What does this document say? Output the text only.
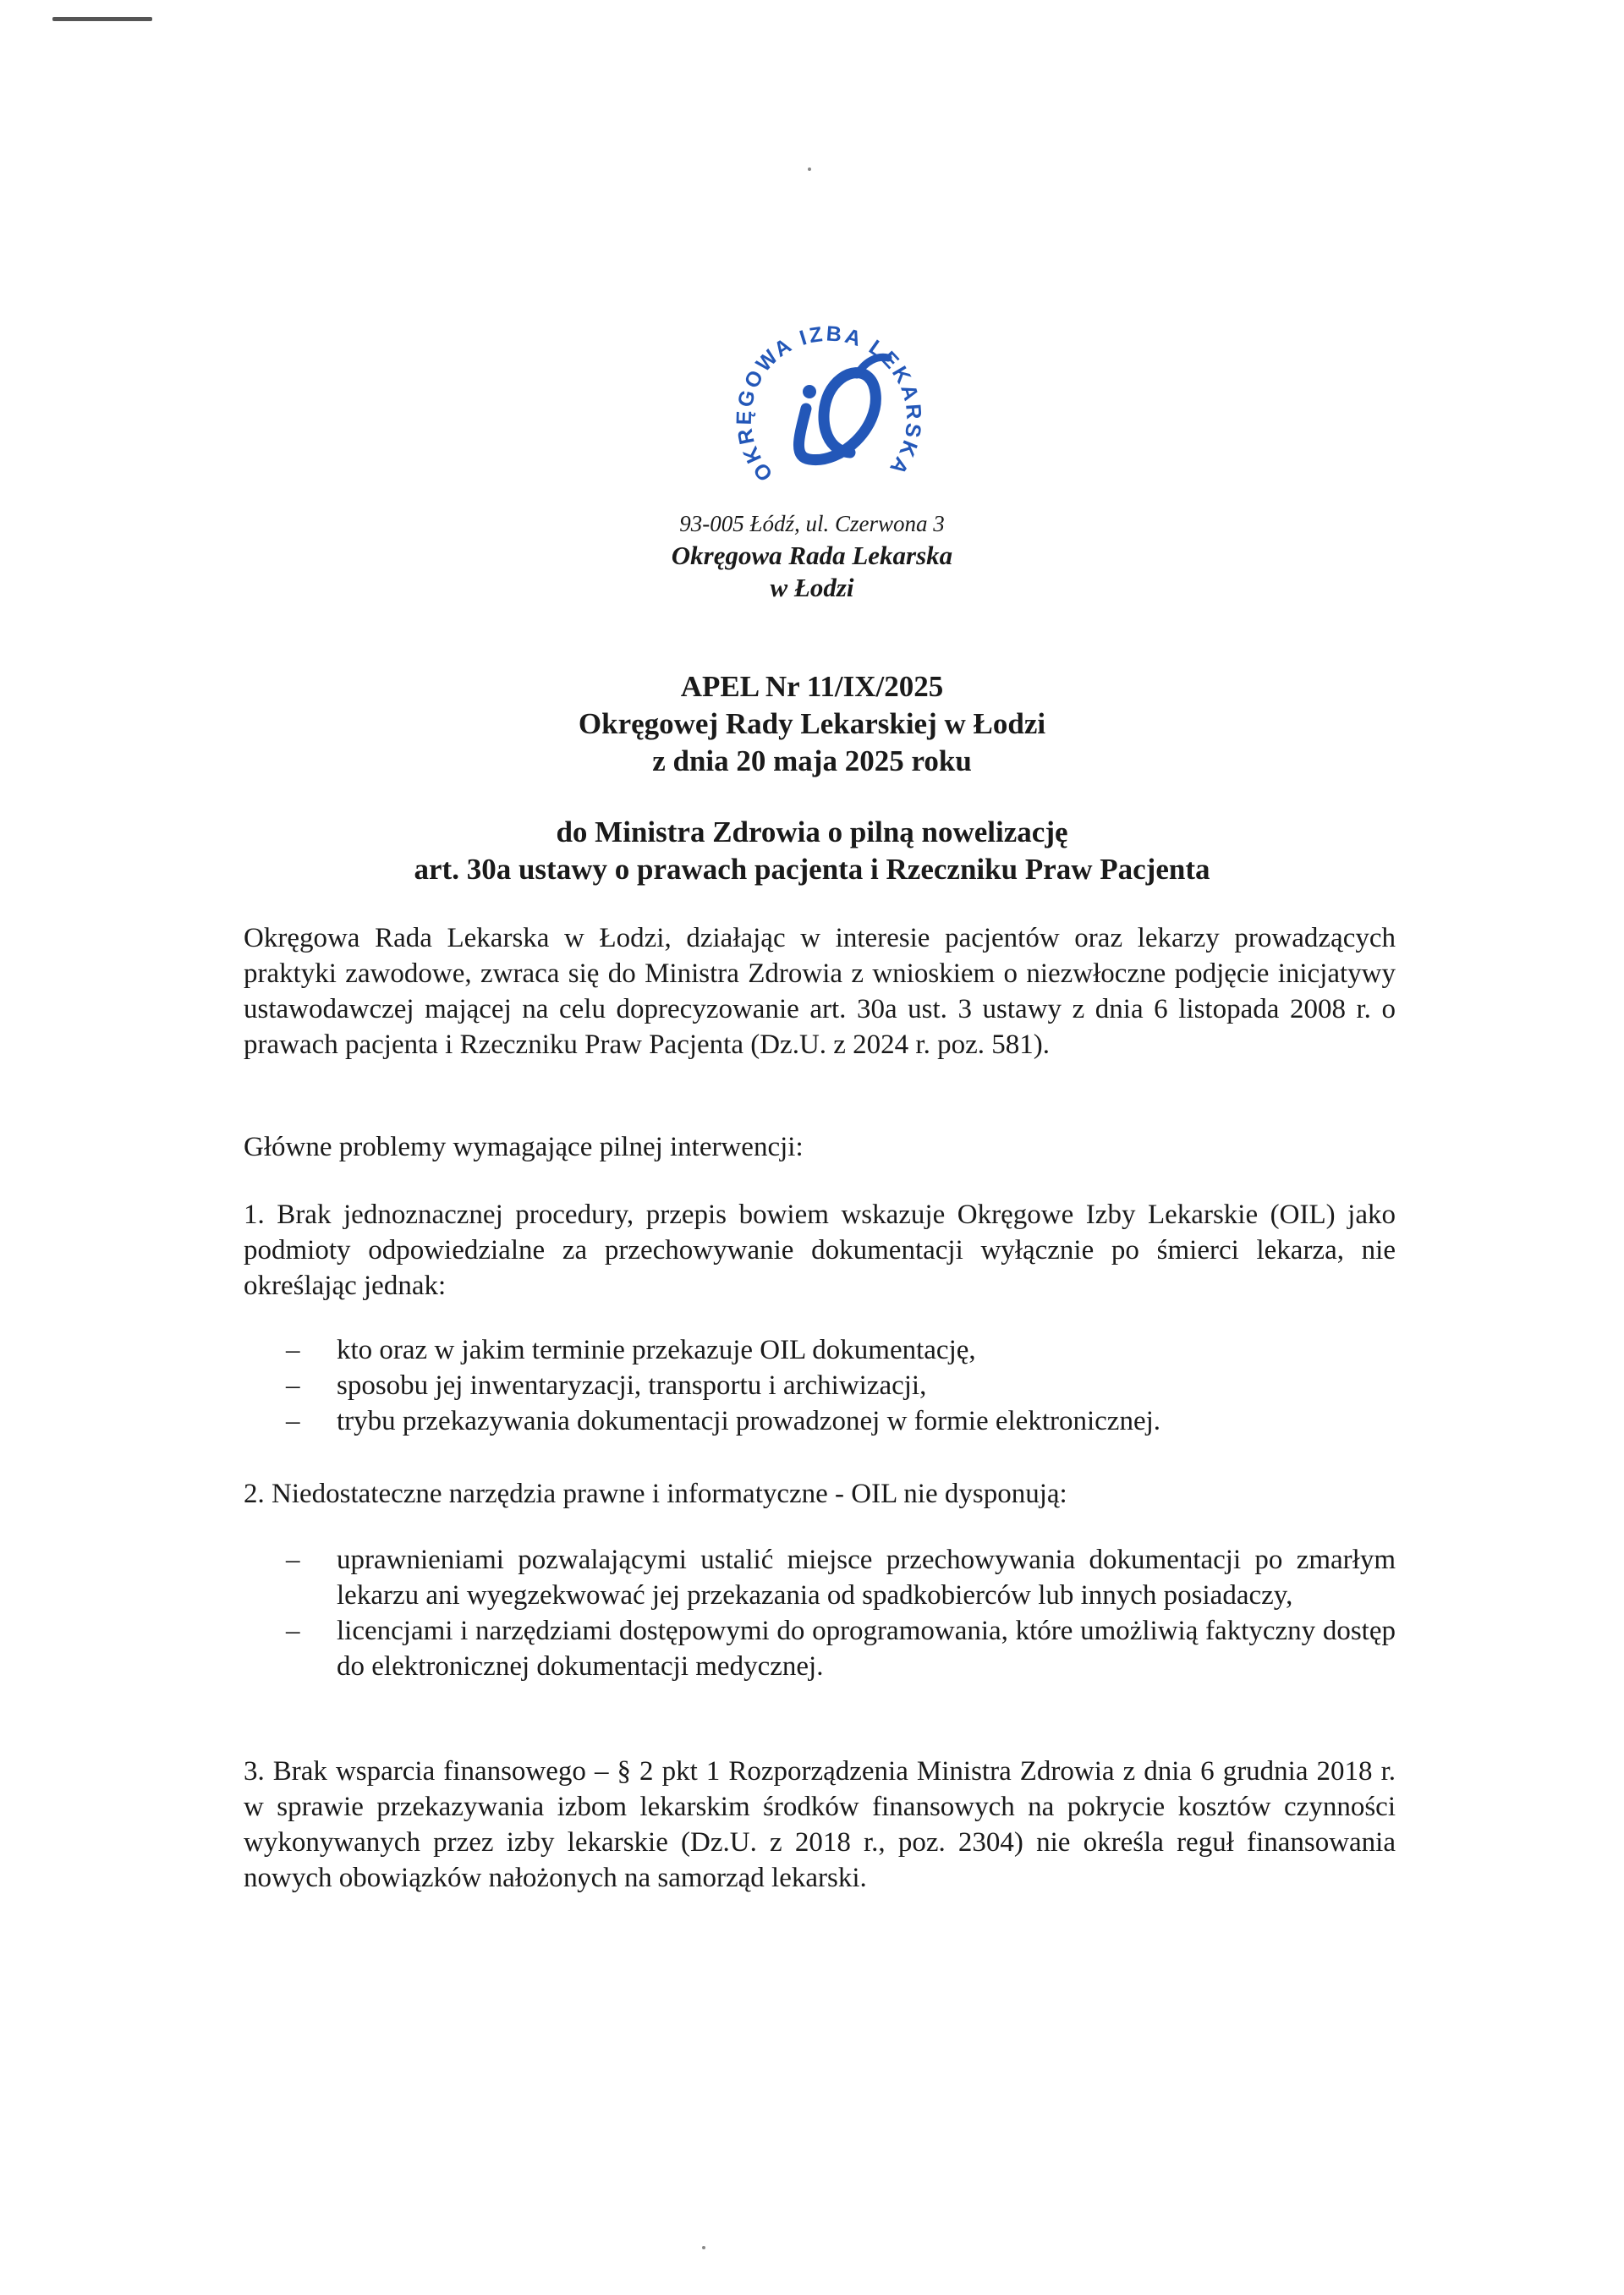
OKRĘGOWA IZBA LEKARSKA
93-005 Łódź, ul. Czerwona 3
Okręgowa Rada Lekarska
w Łodzi
APEL Nr 11/IX/2025
Okręgowej Rady Lekarskiej w Łodzi
z dnia 20 maja 2025 roku
do Ministra Zdrowia o pilną nowelizację
art. 30a ustawy o prawach pacjenta i Rzeczniku Praw Pacjenta

Okręgowa Rada Lekarska w Łodzi, działając w interesie pacjentów oraz lekarzy prowadzących praktyki zawodowe, zwraca się do Ministra Zdrowia z wnioskiem o niezwłoczne podjęcie inicjatywy ustawodawczej mającej na celu doprecyzowanie art. 30a ust. 3 ustawy z dnia 6 listopada 2008 r. o prawach pacjenta i Rzeczniku Praw Pacjenta (Dz.U. z 2024 r. poz. 581).

Główne problemy wymagające pilnej interwencji:

1. Brak jednoznacznej procedury, przepis bowiem wskazuje Okręgowe Izby Lekarskie (OIL) jako podmioty odpowiedzialne za przechowywanie dokumentacji wyłącznie po śmierci lekarza, nie określając jednak:

– kto oraz w jakim terminie przekazuje OIL dokumentację,
– sposobu jej inwentaryzacji, transportu i archiwizacji,
– trybu przekazywania dokumentacji prowadzonej w formie elektronicznej.

2. Niedostateczne narzędzia prawne i informatyczne - OIL nie dysponują:

– uprawnieniami pozwalającymi ustalić miejsce przechowywania dokumentacji po zmarłym lekarzu ani wyegzekwować jej przekazania od spadkobierców lub innych posiadaczy,
– licencjami i narzędziami dostępowymi do oprogramowania, które umożliwią faktyczny dostęp do elektronicznej dokumentacji medycznej.

3. Brak wsparcia finansowego – § 2 pkt 1 Rozporządzenia Ministra Zdrowia z dnia 6 grudnia 2018 r. w sprawie przekazywania izbom lekarskim środków finansowych na pokrycie kosztów czynności wykonywanych przez izby lekarskie (Dz.U. z 2018 r., poz. 2304) nie określa reguł finansowania nowych obowiązków nałożonych na samorząd lekarski.
